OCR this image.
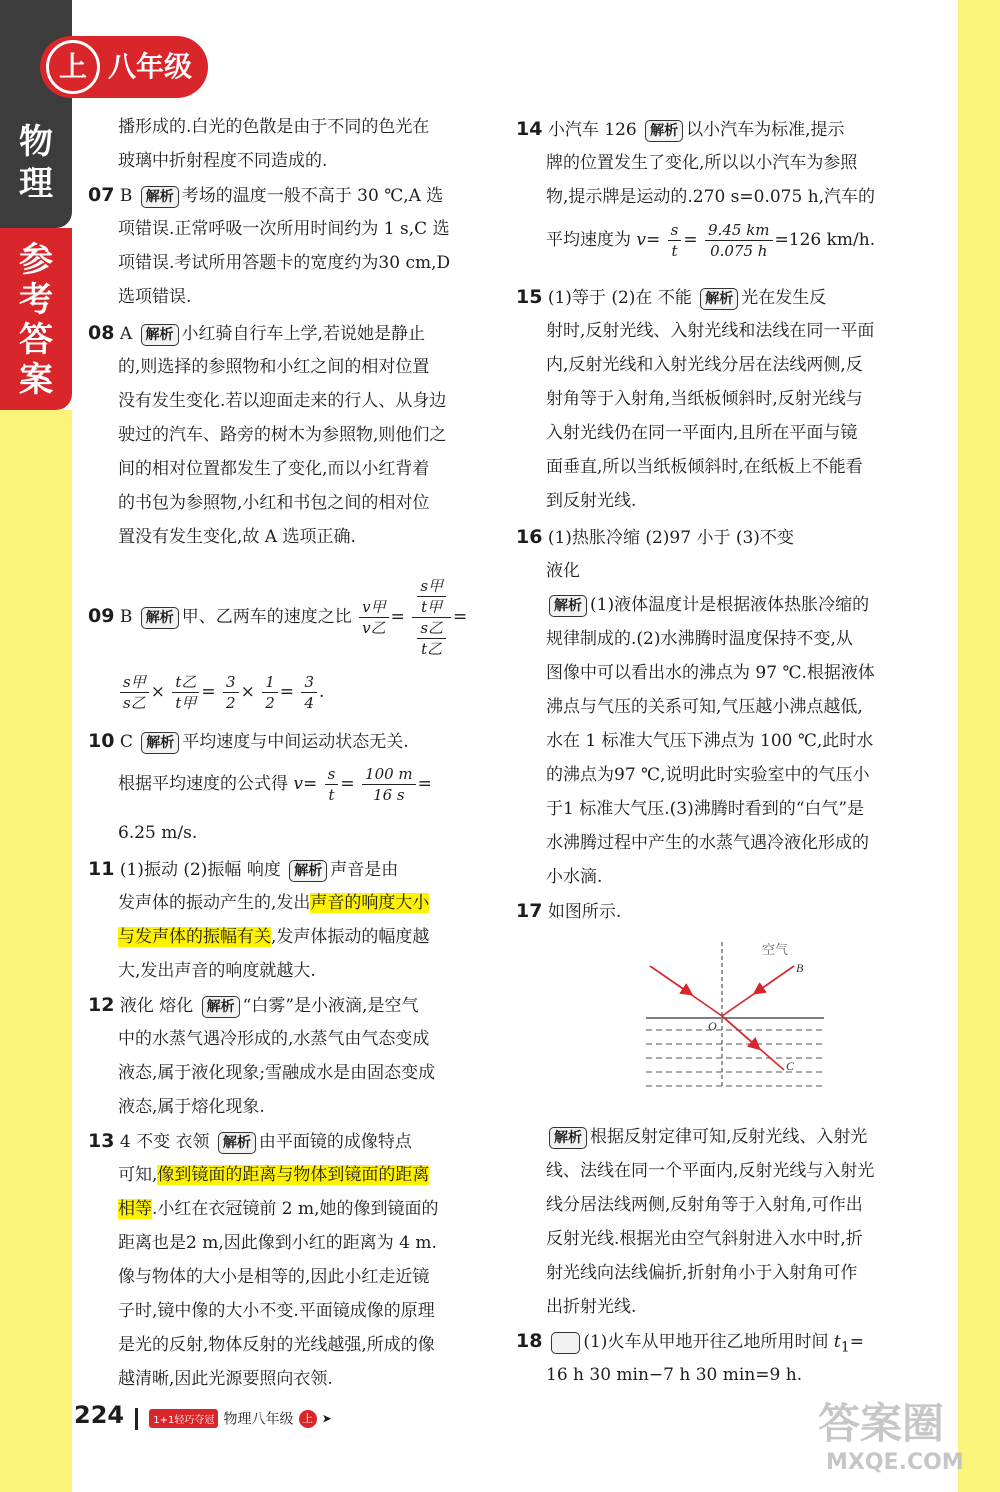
物
理
参
考
答
案
上 八年级
播形成的.白光的色散是由于不同的色光在
玻璃中折射程度不同造成的.
07 B 解析 考场的温度一般不高于 30 ℃,A 选
项错误.正常呼吸一次所用时间约为 1 s,C 选
项错误.考试所用答题卡的宽度约为30 cm,D
选项错误.
08 A 解析 小红骑自行车上学,若说她是静止
的,则选择的参照物和小红之间的相对位置
没有发生变化.若以迎面走来的行人、从身边
驶过的汽车、路旁的树木为参照物,则他们之
间的相对位置都发生了变化,而以小红背着
的书包为参照物,小红和书包之间的相对位
置没有发生变化,故 A 选项正确.
09 B 解析 甲、乙两车的速度之比 $\frac{\text{v甲}}{\text{v乙}} = \frac{\frac{\text{s甲}}{\text{t甲}}}{\frac{\text{s乙}}{\text{t乙}}}$ =
$\frac{\text{s甲}}{\text{s乙}} \times \frac{\text{t乙}}{\text{t甲}} = \frac{3}{2} \times \frac{1}{2} = \frac{3}{4}$ .
10 C 解析 平均速度与中间运动状态无关.
根据平均速度的公式得 $v= \frac{s}{t} = \frac{100 m}{16 s}$ =
6.25 m/s.
11 (1)振动 (2)振幅 响度 解析 声音是由
发声体的振动产生的,发出声音的响度大小
与发声体的振幅有关,发声体振动的幅度越
大,发出声音的响度就越大.
12 液化 熔化 解析 “白雾”是小液滴,是空气
中的水蒸气遇冷形成的,水蒸气由气态变成
液态,属于液化现象;雪融成水是由固态变成
液态,属于熔化现象.
13 4 不变 衣领 解析 由平面镜的成像特点
可知,像到镜面的距离与物体到镜面的距离
相等.小红在衣冠镜前 2 m,她的像到镜面的
距离也是2 m,因此像到小红的距离为 4 m.
像与物体的大小是相等的,因此小红走近镜
子时,镜中像的大小不变.平面镜成像的原理
是光的反射,物体反射的光线越强,所成的像
越清晰,因此光源要照向衣领.
14 小汽车 126 解析 以小汽车为标准,提示
牌的位置发生了变化,所以以小汽车为参照
物,提示牌是运动的.270 s=0.075 h,汽车的
平均速度为 $v= \frac{s}{t} = \frac{9.45 km}{0.075 h} =126$ km/h.
15 (1)等于 (2)在 不能 解析 光在发生反
射时,反射光线、入射光线和法线在同一平面
内,反射光线和入射光线分居在法线两侧,反
射角等于入射角,当纸板倾斜时,反射光线与
入射光线仍在同一平面内,且所在平面与镜
面垂直,所以当纸板倾斜时,在纸板上不能看
到反射光线.
16 (1)热胀冷缩 (2)97 小于 (3)不变
液化
解析 (1)液体温度计是根据液体热胀冷缩的
规律制成的.(2)水沸腾时温度保持不变,从
图像中可以看出水的沸点为 97 ℃.根据液体
沸点与气压的关系可知,气压越小沸点越低,
水在 1 标准大气压下沸点为 100 ℃,此时水
的沸点为97 ℃,说明此时实验室中的气压小
于1 标准大气压.(3)沸腾时看到的“白气”是
水沸腾过程中产生的水蒸气遇冷液化形成的
小水滴.
17 如图所示.
解析 根据反射定律可知,反射光线、入射光
线、法线在同一个平面内,反射光线与入射光
线分居法线两侧,反射角等于入射角,可作出
反射光线.根据光由空气斜射进入水中时,折
射光线向法线偏折,折射角小于入射角可作
出折射光线.
18 (1)火车从甲地开往乙地所用时间 $t_1=$
16 h 30 min−7 h 30 min=9 h.
空气
B
O
C
224	1+1轻巧夺冠 物理八年级 上 ➤	答案圈
MXQE.COM
